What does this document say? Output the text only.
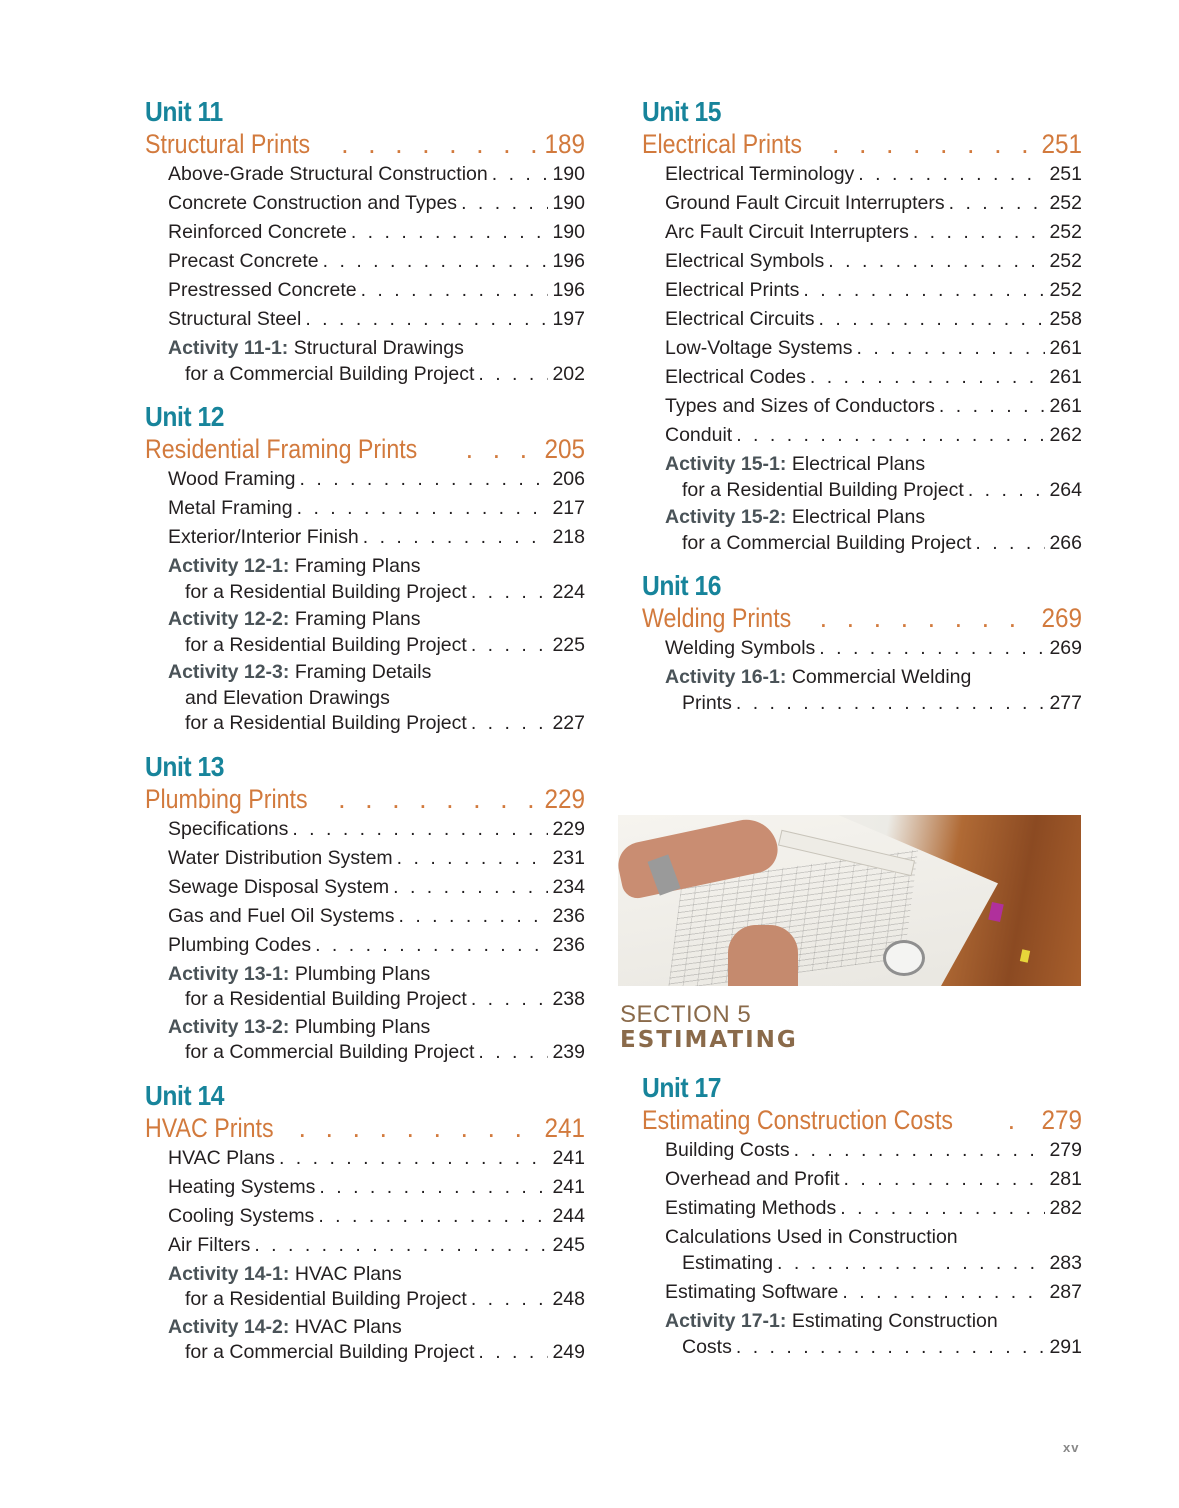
Unit 11
Structural Prints . . .	189
Above-Grade Structural Construction . . .	190
Concrete Construction and Types . . .	190
Reinforced Concrete . . .	190
Precast Concrete . . .	196
Prestressed Concrete . . .	196
Structural Steel . . .	197
Activity 11-1: Structural Drawings
for a Commercial Building Project . . .	202
Unit 12
Residential Framing Prints . . .	205
Wood Framing . . .	206
Metal Framing . . .	217
Exterior/Interior Finish . . .	218
Activity 12-1: Framing Plans
for a Residential Building Project . . .	224
Activity 12-2: Framing Plans
for a Residential Building Project . . .	225
Activity 12-3: Framing Details
and Elevation Drawings
for a Residential Building Project . . .	227
Unit 13
Plumbing Prints . . .	229
Specifications . . .	229
Water Distribution System . . .	231
Sewage Disposal System . . .	234
Gas and Fuel Oil Systems . . .	236
Plumbing Codes . . .	236
Activity 13-1: Plumbing Plans
for a Residential Building Project . . .	238
Activity 13-2: Plumbing Plans
for a Commercial Building Project . . .	239
Unit 14
HVAC Prints . . .	241
HVAC Plans . . .	241
Heating Systems . . .	241
Cooling Systems . . .	244
Air Filters . . .	245
Activity 14-1: HVAC Plans
for a Residential Building Project . . .	248
Activity 14-2: HVAC Plans
for a Commercial Building Project . . .	249
Unit 15
Electrical Prints . . .	251
Electrical Terminology . . .	251
Ground Fault Circuit Interrupters . . .	252
Arc Fault Circuit Interrupters . . .	252
Electrical Symbols . . .	252
Electrical Prints . . .	252
Electrical Circuits . . .	258
Low-Voltage Systems . . .	261
Electrical Codes . . .	261
Types and Sizes of Conductors . . .	261
Conduit . . .	262
Activity 15-1: Electrical Plans
for a Residential Building Project . . .	264
Activity 15-2: Electrical Plans
for a Commercial Building Project . . .	266
Unit 16
Welding Prints . . .	269
Welding Symbols . . .	269
Activity 16-1: Commercial Welding
Prints . . .	277
SECTION 5
ESTIMATING
Unit 17
Estimating Construction Costs . . .	279
Building Costs . . .	279
Overhead and Profit . . .	281
Estimating Methods . . .	282
Calculations Used in Construction
Estimating . . .	283
Estimating Software . . .	287
Activity 17-1: Estimating Construction
Costs . . .	291
xv
